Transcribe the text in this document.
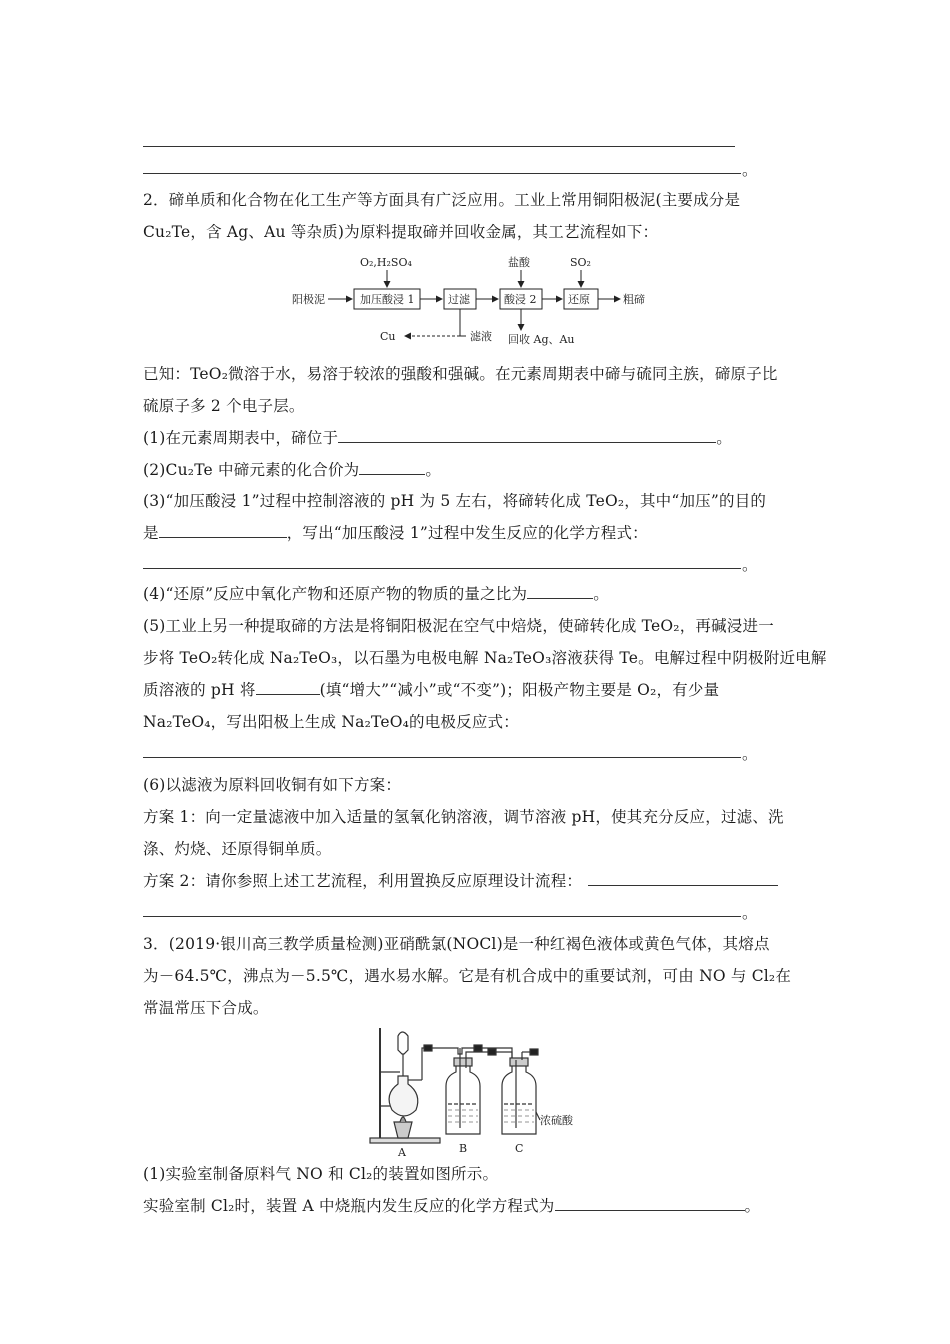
。
2．碲单质和化合物在化工生产等方面具有广泛应用。工业上常用铜阳极泥(主要成分是
Cu₂Te，含 Ag、Au 等杂质)为原料提取碲并回收金属，其工艺流程如下：
阳极泥	加压酸浸 1
O₂,H₂SO₄
过滤
滤液
Cu
酸浸 2
盐酸
回收 Ag、Au
还原
SO₂
粗碲
已知：TeO₂微溶于水，易溶于较浓的强酸和强碱。在元素周期表中碲与硫同主族，碲原子比
硫原子多 2 个电子层。
(1)在元素周期表中，碲位于	。
(2)Cu₂Te 中碲元素的化合价为	。
(3)“加压酸浸 1”过程中控制溶液的 pH 为 5 左右，将碲转化成 TeO₂，其中“加压”的目的
是	，写出“加压酸浸 1”过程中发生反应的化学方程式：
。
(4)“还原”反应中氧化产物和还原产物的物质的量之比为	。
(5)工业上另一种提取碲的方法是将铜阳极泥在空气中焙烧，使碲转化成 TeO₂，再碱浸进一
步将 TeO₂转化成 Na₂TeO₃，以石墨为电极电解 Na₂TeO₃溶液获得 Te。电解过程中阴极附近电解
质溶液的 pH 将	(填“增大”“减小”或“不变”)；阳极产物主要是 O₂，有少量
Na₂TeO₄，写出阳极上生成 Na₂TeO₄的电极反应式：
。
(6)以滤液为原料回收铜有如下方案：
方案 1：向一定量滤液中加入适量的氢氧化钠溶液，调节溶液 pH，使其充分反应，过滤、洗
涤、灼烧、还原得铜单质。
方案 2：请你参照上述工艺流程，利用置换反应原理设计流程：
。
3．(2019·银川高三教学质量检测)亚硝酰氯(NOCl)是一种红褐色液体或黄色气体，其熔点
为－64.5℃，沸点为－5.5℃，遇水易水解。它是有机合成中的重要试剂，可由 NO 与 Cl₂在
常温常压下合成。
A	B	C
浓硫酸
(1)实验室制备原料气 NO 和 Cl₂的装置如图所示。
实验室制 Cl₂时，装置 A 中烧瓶内发生反应的化学方程式为	。
